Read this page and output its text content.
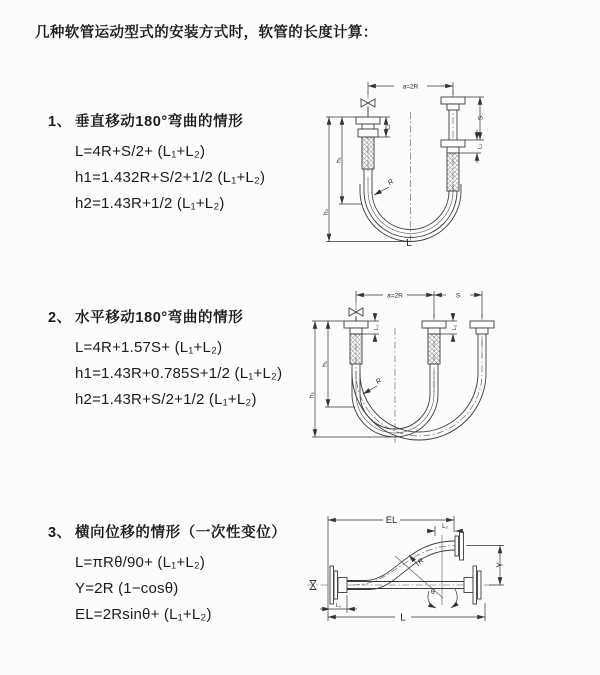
几种软管运动型式的安装方式时，软管的长度计算：
1、 垂直移动180°弯曲的情形
L=4R+S/2+ (L₁+L₂)
h1=1.432R+S/2+1/2 (L₁+L₂)
h2=1.43R+1/2 (L₁+L₂)
2、 水平移动180°弯曲的情形
L=4R+1.57S+ (L₁+L₂)
h1=1.43R+0.785S+1/2 (L₁+L₂)
h2=1.43R+S/2+1/2 (L₁+L₂)
3、 横向位移的情形（一次性变位）
L=πRθ/90+ (L₁+L₂)
Y=2R (1−cosθ)
EL=2Rsinθ+ (L₁+L₂)
a=2R
L₁
h₁
h₂
S
L₂
R
L
a=2R	S
h₁
h₂
L₁	L₂
R
EL
L₂
Y
L
L₁
θ
R
